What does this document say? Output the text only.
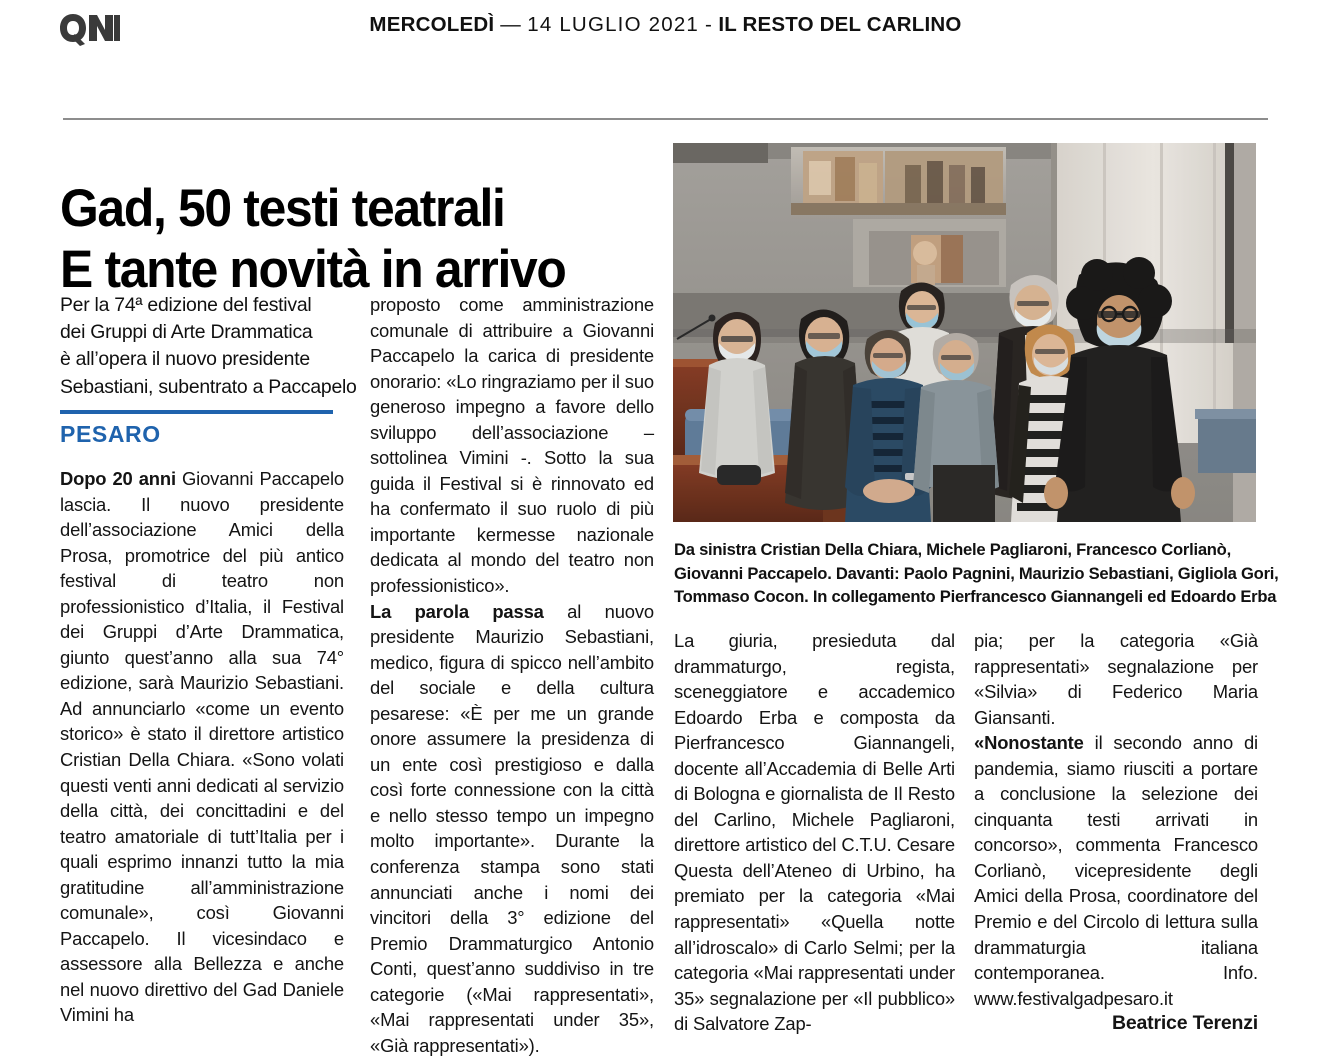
MERCOLEDÌ — 14 LUGLIO 2021 - IL RESTO DEL CARLINO
Gad, 50 testi teatrali
E tante novità in arrivo
Per la 74ª edizione del festival
dei Gruppi di Arte Drammatica
è all’opera il nuovo presidente
Sebastiani, subentrato a Paccapelo
PESARO
Da sinistra Cristian Della Chiara, Michele Pagliaroni, Francesco Corlianò,
Giovanni Paccapelo. Davanti: Paolo Pagnini, Maurizio Sebastiani, Gigliola Gori,
Tommaso Cocon. In collegamento Pierfrancesco Giannangeli ed Edoardo Erba

Dopo 20 anni Giovanni Paccapelo lascia. Il nuovo presidente dell’associazione Amici della Prosa, promotrice del più antico festival di teatro non professionistico d’Italia, il Festival dei Gruppi d’Arte Drammatica, giunto quest’anno alla sua 74° edizione, sarà Maurizio Sebastiani. Ad annunciarlo «come un evento storico» è stato il direttore artistico Cristian Della Chiara. «Sono volati questi venti anni dedicati al servizio della città, dei concittadini e del teatro amatoriale di tutt’Italia per i quali esprimo innanzi tutto la mia gratitudine all’amministrazione comunale», così Giovanni Paccapelo. Il vicesindaco e assessore alla Bellezza e anche nel nuovo direttivo del Gad Daniele Vimini ha

proposto come amministrazione comunale di attribuire a Giovanni Paccapelo la carica di presidente onorario: «Lo ringraziamo per il suo generoso impegno a favore dello sviluppo dell’associazione – sottolinea Vimini -. Sotto la sua guida il Festival si è rinnovato ed ha confermato il suo ruolo di più importante kermesse nazionale dedicata al mondo del teatro non professionistico».

La parola passa al nuovo presidente Maurizio Sebastiani, medico, figura di spicco nell’ambito del sociale e della cultura pesarese: «È per me un grande onore assumere la presidenza di un ente così prestigioso e dalla così forte connessione con la città e nello stesso tempo un impegno molto importante». Durante la conferenza stampa sono stati annunciati anche i nomi dei vincitori della 3° edizione del Premio Drammaturgico Antonio Conti, quest’anno suddiviso in tre categorie («Mai rappresentati», «Mai rappresentati under 35», «Già rappresentati»).

La giuria, presieduta dal drammaturgo, regista, sceneggiatore e accademico Edoardo Erba e composta da Pierfrancesco Giannangeli, docente all’Accademia di Belle Arti di Bologna e giornalista de Il Resto del Carlino, Michele Pagliaroni, direttore artistico del C.T.U. Cesare Questa dell’Ateneo di Urbino, ha premiato per la categoria «Mai rappresentati» «Quella notte all’idroscalo» di Carlo Selmi; per la categoria «Mai rappresentati under 35» segnalazione per «Il pubblico» di Salvatore Zap-

pia; per la categoria «Già rappresentati» segnalazione per «Silvia» di Federico Maria Giansanti.

«Nonostante il secondo anno di pandemia, siamo riusciti a portare a conclusione la selezione dei cinquanta testi arrivati in concorso», commenta Francesco Corlianò, vicepresidente degli Amici della Prosa, coordinatore del Premio e del Circolo di lettura sulla drammaturgia italiana contemporanea. Info. www.festivalgadpesaro.it

Beatrice Terenzi
